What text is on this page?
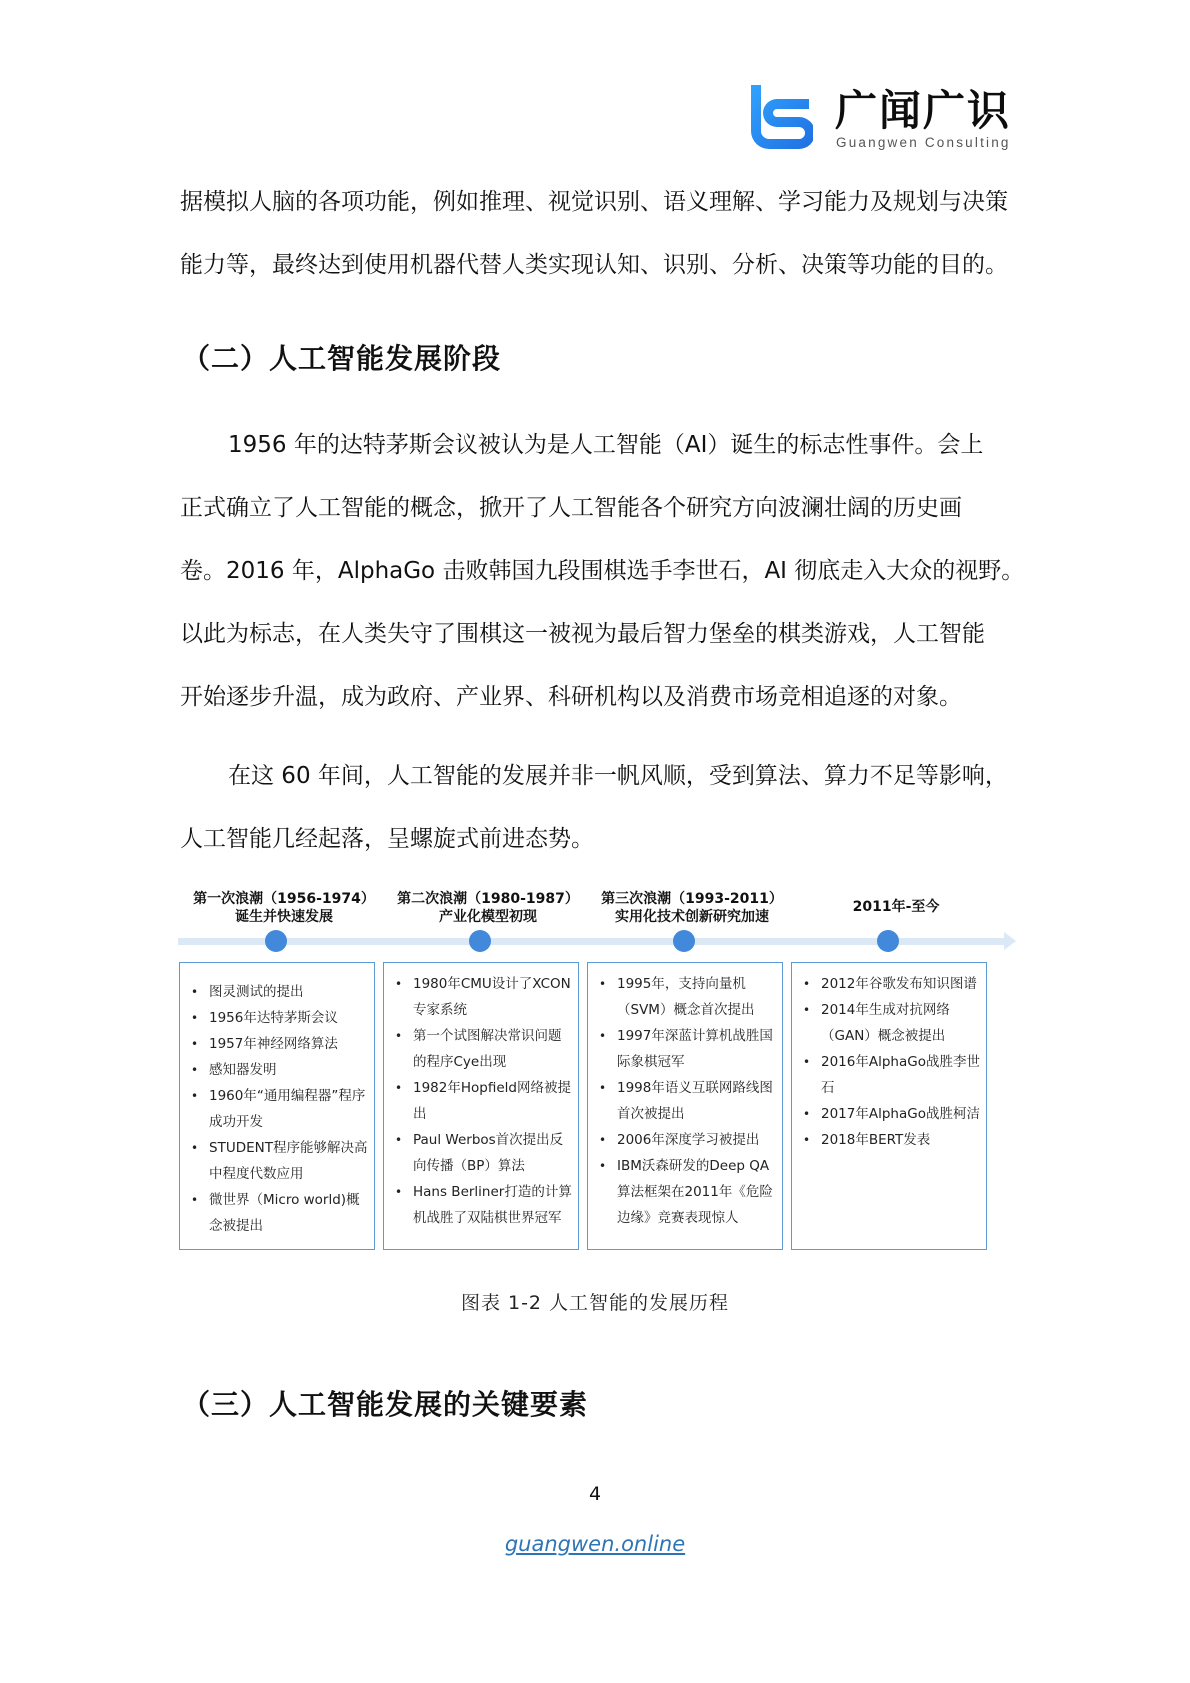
广闻广识
Guangwen Consulting
据模拟人脑的各项功能，例如推理、视觉识别、语义理解、学习能力及规划与决策
能力等，最终达到使用机器代替人类实现认知、识别、分析、决策等功能的目的。
（二）人工智能发展阶段
1956 年的达特茅斯会议被认为是人工智能（AI）诞生的标志性事件。会上
正式确立了人工智能的概念，掀开了人工智能各个研究方向波澜壮阔的历史画
卷。2016 年，AlphaGo 击败韩国九段围棋选手李世石，AI 彻底走入大众的视野。
以此为标志，在人类失守了围棋这一被视为最后智力堡垒的棋类游戏，人工智能
开始逐步升温，成为政府、产业界、科研机构以及消费市场竞相追逐的对象。
在这 60 年间，人工智能的发展并非一帆风顺，受到算法、算力不足等影响，
人工智能几经起落，呈螺旋式前进态势。
第一次浪潮（1956-1974）
诞生并快速发展
第二次浪潮（1980-1987）
产业化模型初现
第三次浪潮（1993-2011）
实用化技术创新研究加速
2011年-至今
• 图灵测试的提出
• 1956年达特茅斯会议
• 1957年神经网络算法
• 感知器发明
• 1960年“通用编程器”程序成功开发
• STUDENT程序能够解决高中程度代数应用
• 微世界（Micro world)概念被提出
• 1980年CMU设计了XCON专家系统
• 第一个试图解决常识问题的程序Cye出现
• 1982年Hopfield网络被提出
• Paul Werbos首次提出反向传播（BP）算法
• Hans Berliner打造的计算机战胜了双陆棋世界冠军
• 1995年，支持向量机（SVM）概念首次提出
• 1997年深蓝计算机战胜国际象棋冠军
• 1998年语义互联网路线图首次被提出
• 2006年深度学习被提出
• IBM沃森研发的Deep QA算法框架在2011年《危险边缘》竞赛表现惊人
• 2012年谷歌发布知识图谱
• 2014年生成对抗网络（GAN）概念被提出
• 2016年AlphaGo战胜李世石
• 2017年AlphaGo战胜柯洁
• 2018年BERT发表
图表 1-2 人工智能的发展历程
（三）人工智能发展的关键要素
4
guangwen.online
